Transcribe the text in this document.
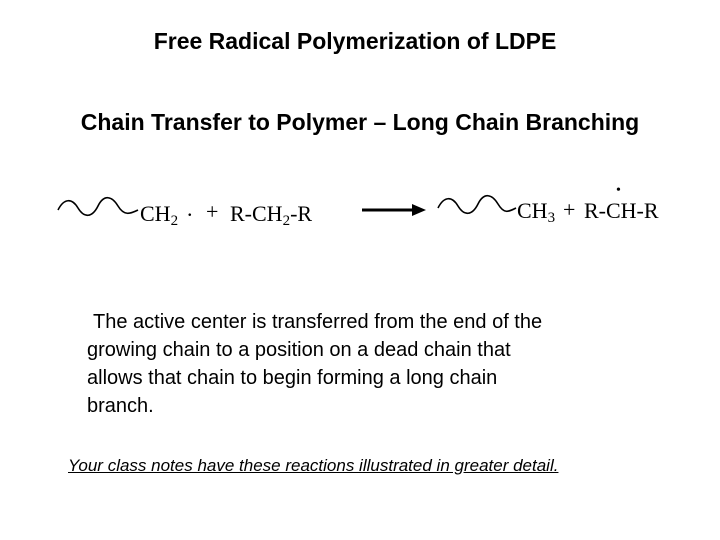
Free Radical Polymerization of LDPE
Chain Transfer to Polymer – Long Chain Branching
$CH_2$ . + $R-CH_2-R$	$CH_3 + R-CH-R$
•
The active center is transferred from the end of the
growing chain to a position on a dead chain that
allows that chain to begin forming a long chain
branch.
Your class notes have these reactions illustrated in greater detail.
